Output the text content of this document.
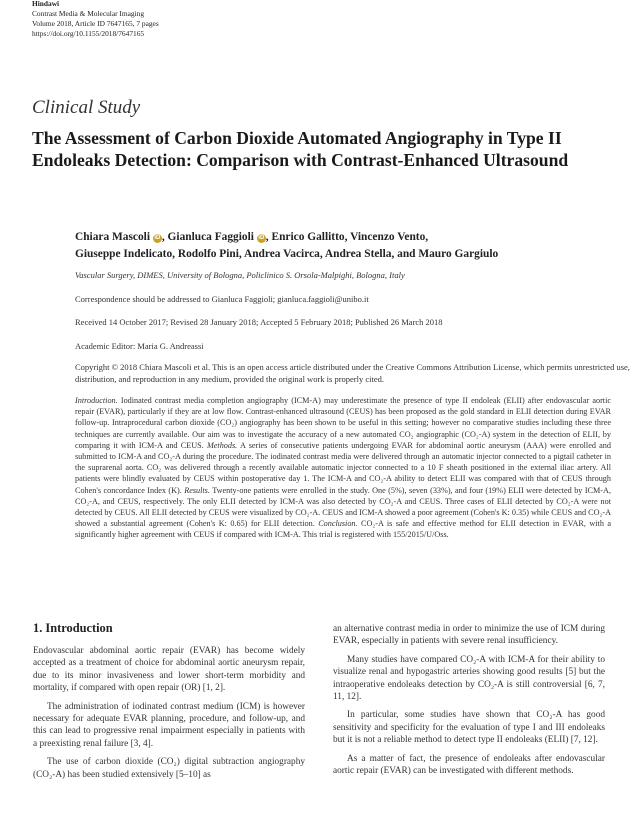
Hindawi
Contrast Media & Molecular Imaging
Volume 2018, Article ID 7647165, 7 pages
https://doi.org/10.1155/2018/7647165
Clinical Study
The Assessment of Carbon Dioxide Automated Angiography in Type II Endoleaks Detection: Comparison with Contrast-Enhanced Ultrasound
Chiara Mascoli iD , Gianluca Faggioli iD , Enrico Gallitto, Vincenzo Vento,
Giuseppe Indelicato, Rodolfo Pini, Andrea Vacirca, Andrea Stella, and Mauro Gargiulo
Vascular Surgery, DIMES, University of Bologna, Policlinico S. Orsola-Malpighi, Bologna, Italy
Correspondence should be addressed to Gianluca Faggioli; gianluca.faggioli@unibo.it
Received 14 October 2017; Revised 28 January 2018; Accepted 5 February 2018; Published 26 March 2018
Academic Editor: Maria G. Andreassi
Copyright © 2018 Chiara Mascoli et al. This is an open access article distributed under the Creative Commons Attribution License, which permits unrestricted use, distribution, and reproduction in any medium, provided the original work is properly cited.
Introduction. Iodinated contrast media completion angiography (ICM-A) may underestimate the presence of type II endoleak (ELII) after endovascular aortic repair (EVAR), particularly if they are at low flow. Contrast-enhanced ultrasound (CEUS) has been proposed as the gold standard in ELII detection during EVAR follow-up. Intraprocedural carbon dioxide (CO₂) angiography has been shown to be useful in this setting; however no comparative studies including these three techniques are currently available. Our aim was to investigate the accuracy of a new automated CO₂ angiographic (CO₂-A) system in the detection of ELII, by comparing it with ICM-A and CEUS. Methods. A series of consecutive patients undergoing EVAR for abdominal aortic aneurysm (AAA) were enrolled and submitted to ICM-A and CO₂-A during the procedure. The iodinated contrast media were delivered through an automatic injector connected to a pigtail catheter in the suprarenal aorta. CO₂ was delivered through a recently available automatic injector connected to a 10 F sheath positioned in the external iliac artery. All patients were blindly evaluated by CEUS within postoperative day 1. The ICM-A and CO₂-A ability to detect ELII was compared with that of CEUS through Cohen's concordance Index (K). Results. Twenty-one patients were enrolled in the study. One (5%), seven (33%), and four (19%) ELII were detected by ICM-A, CO₂-A, and CEUS, respectively. The only ELII detected by ICM-A was also detected by CO₂-A and CEUS. Three cases of ELII detected by CO₂-A were not detected by CEUS. All ELII detected by CEUS were visualized by CO₂-A. CEUS and ICM-A showed a poor agreement (Cohen's K: 0.35) while CEUS and CO₂-A showed a substantial agreement (Cohen's K: 0.65) for ELII detection. Conclusion. CO₂-A is safe and effective method for ELII detection in EVAR, with a significantly higher agreement with CEUS if compared with ICM-A. This trial is registered with 155/2015/U/Oss.
1. Introduction

Endovascular abdominal aortic repair (EVAR) has become widely accepted as a treatment of choice for abdominal aortic aneurysm repair, due to its minor invasiveness and lower short-term morbidity and mortality, if compared with open repair (OR) [1, 2].

The administration of iodinated contrast medium (ICM) is however necessary for adequate EVAR planning, procedure, and follow-up, and this can lead to progressive renal impairment especially in patients with a preexisting renal failure [3, 4].

The use of carbon dioxide (CO₂) digital subtraction angiography (CO₂-A) has been studied extensively [5–10] as

an alternative contrast media in order to minimize the use of ICM during EVAR, especially in patients with severe renal insufficiency.

Many studies have compared CO₂-A with ICM-A for their ability to visualize renal and hypogastric arteries showing good results [5] but the intraoperative endoleaks detection by CO₂-A is still controversial [6, 7, 11, 12].

In particular, some studies have shown that CO₂-A has good sensitivity and specificity for the evaluation of type I and III endoleaks but it is not a reliable method to detect type II endoleaks (ELII) [7, 12].

As a matter of fact, the presence of endoleaks after endovascular aortic repair (EVAR) can be investigated with different methods.
